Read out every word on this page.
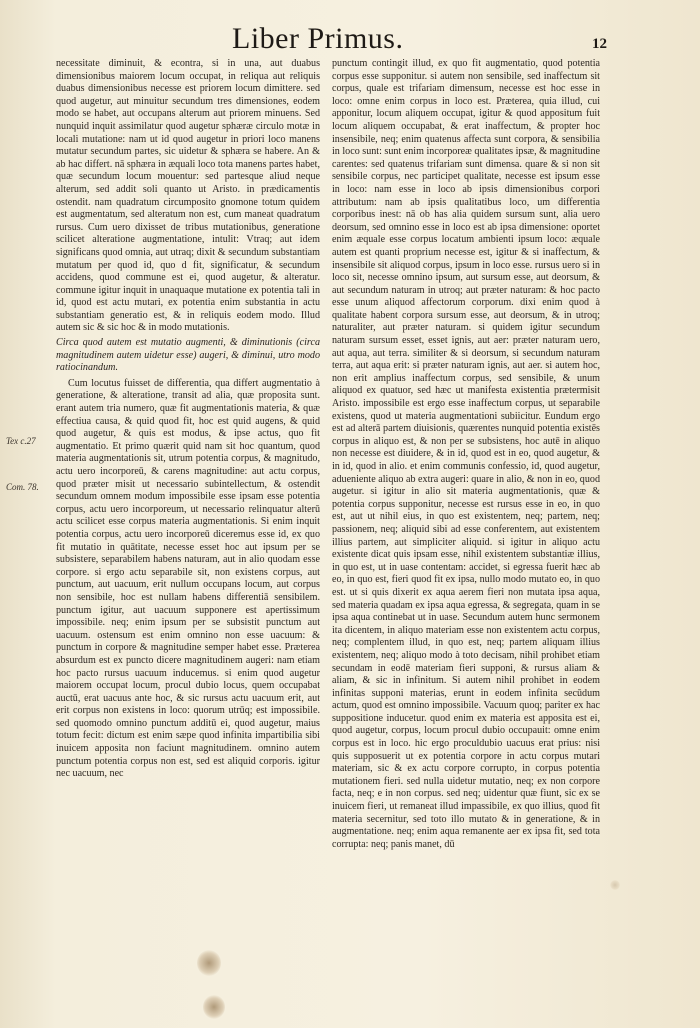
Liber Primus.	12

necessitate diminuit, & econtra, si in una, aut duabus dimensionibus maiorem locum occupat, in reliqua aut reliquis duabus dimensionibus necesse est priorem locum dimittere. sed quod augetur, aut minuitur secundum tres dimensiones, eodem modo se habet, aut occupans alterum aut priorem minuens. Sed nunquid inquit assimilatur quod augetur sphæræ circulo motæ in locali mutatione: nam ut id quod augetur in priori loco manens mutatur secundum partes, sic uidetur & sphæra se habere. An & ab hac differt. nā sphæra in æquali loco tota manens partes habet, quæ secundum locum mouentur: sed partesque aliud neque alterum, sed addit soli quanto ut Aristo. in prædicamentis ostendit. nam quadratum circumposito gnomone totum quidem est augmentatum, sed alteratum non est, cum maneat quadratum rursus. Cum uero dixisset de tribus mutationibus, generatione scilicet alteratione augmentatione, intulit: Vtraq; aut idem significans quod omnia, aut utraq; dixit & secundum substantiam mutatum per quod id, quo d fit, significatur, & secundum accidens, quod commune est ei, quod augetur, & alteratur. commune igitur inquit in unaquaque mutatione ex potentia tali in id, quod est actu mutari, ex potentia enim substantia in actu substantiam generatio est, & in reliquis eodem modo. Illud autem sic & sic hoc & in modo mutationis.

Circa quod autem est mutatio augmenti, & diminutionis (circa magnitudinem autem uidetur esse) augeri, & diminui, utro modo ratiocinandum.

Cum locutus fuisset de differentia, qua differt augmentatio à generatione, & alteratione, transit ad alia, quæ proposita sunt. erant autem tria numero, quæ fit augmentationis materia, & quæ effectiua causa, & quid quod fit, hoc est quid augens, & quid quod augetur, & quis est modus, & ipse actus, quo fit augmentatio. Et primo quærit quid nam sit hoc quantum, quod materia augmentationis sit, utrum potentia corpus, & magnitudo, actu uero incorporeū, & carens magnitudine: aut actu corpus, quod præter misit ut necessario subintellectum, & ostendit secundum omnem modum impossibile esse ipsam esse potentia corpus, actu uero incorporeum, ut necessario relinquatur alterū actu scilicet esse corpus materia augmentationis. Si enim inquit potentia corpus, actu uero incorporeū diceremus esse id, ex quo fit mutatio in quātitate, necesse esset hoc aut ipsum per se subsistere, separabilem habens naturam, aut in alio quodam esse corpore. si ergo actu separabile sit, non existens corpus, aut punctum, aut uacuum, erit nullum occupans locum, aut corpus non sensibile, hoc est nullam habens differentiā sensibilem. punctum igitur, aut uacuum supponere est apertissimum impossibile. neq; enim ipsum per se subsistit punctum aut uacuum. ostensum est enim omnino non esse uacuum: & punctum in corpore & magnitudine semper habet esse. Præterea absurdum est ex puncto dicere magnitudinem augeri: nam etiam hoc pacto rursus uacuum inducemus. si enim quod augetur maiorem occupat locum, procul dubio locus, quem occupabat auctū, erat uacuus ante hoc, & sic rursus actu uacuum erit, aut erit corpus non existens in loco: quorum utrūq; est impossibile. sed quomodo omnino punctum additū ei, quod augetur, maius totum fecit: dictum est enim sæpe quod infinita impartibilia sibi inuicem apposita non faciunt magnitudinem. omnino autem punctum potentia corpus non est, sed est aliquid corporis. igitur nec uacuum, nec

punctum contingit illud, ex quo fit augmentatio, quod potentia corpus esse supponitur. si autem non sensibile, sed inaffectum sit corpus, quale est trifariam dimensum, necesse est hoc esse in loco: omne enim corpus in loco est. Præterea, quia illud, cui apponitur, locum aliquem occupat, igitur & quod appositum fuit locum aliquem occupabat, & erat inaffectum, & propter hoc insensibile, neq; enim quatenus affecta sunt corpora, & sensibilia in loco sunt: sunt enim incorporeæ qualitates ipsæ, & magnitudine carentes: sed quatenus trifariam sunt dimensa. quare & si non sit sensibile corpus, nec participet qualitate, necesse est ipsum esse in loco: nam esse in loco ab ipsis dimensionibus corpori attributum: nam ab ipsis qualitatibus loco, um differentia corporibus inest: nā ob has alia quidem sursum sunt, alia uero deorsum, sed omnino esse in loco est ab ipsa dimensione: oportet enim æquale esse corpus locatum ambienti ipsum loco: æquale autem est quanti proprium necesse est, igitur & si inaffectum, & insensibile sit aliquod corpus, ipsum in loco esse. rursus uero si in loco sit, necesse omnino ipsum, aut sursum esse, aut deorsum, & aut secundum naturam in utroq; aut præter naturam: & hoc pacto esse unum aliquod affectorum corporum. dixi enim quod à qualitate habent corpora sursum esse, aut deorsum, & in utroq; naturaliter, aut præter naturam. si quidem igitur secundum naturam sursum esset, esset ignis, aut aer: præter naturam uero, aut aqua, aut terra. similiter & si deorsum, si secundum naturam terra, aut aqua erit: si præter naturam ignis, aut aer. si autem hoc, non erit amplius inaffectum corpus, sed sensibile, & unum aliquod ex quatuor, sed hæc ut manifesta existentia prætermisit Aristo. impossibile est ergo esse inaffectum corpus, ut separabile existens, quod ut materia augmentationi subiicitur. Eundum ergo est ad alterā partem diuisionis, quærentes nunquid potentia existēs corpus in aliquo est, & non per se subsistens, hoc autē in aliquo non necesse est diuidere, & in id, quod est in eo, quod augetur, & in id, quod in alio. et enim communis confessio, id, quod augetur, adueniente aliquo ab extra augeri: quare in alio, & non in eo, quod augetur. si igitur in alio sit materia augmentationis, quæ & potentia corpus supponitur, necesse est rursus esse in eo, in quo est, aut ut nihil eius, in quo est existentem, neq; partem, neq; passionem, neq; aliquid sibi ad esse conferentem, aut existentem illius partem, aut simpliciter aliquid. si igitur in aliquo actu existente dicat quis ipsam esse, nihil existentem substantiæ illius, in quo est, ut in uase contentam: accidet, si egressa fuerit hæc ab eo, in quo est, fieri quod fit ex ipsa, nullo modo mutato eo, in quo est. ut si quis dixerit ex aqua aerem fieri non mutata ipsa aqua, sed materia quadam ex ipsa aqua egressa, & segregata, quam in se ipsa aqua continebat ut in uase. Secundum autem hunc sermonem ita dicentem, in aliquo materiam esse non existentem actu corpus, neq; complentem illud, in quo est, neq; partem aliquam illius existentem, neq; aliquo modo à toto decisam, nihil prohibet etiam secundam in eodē materiam fieri supponi, & rursus aliam & aliam, & sic in infinitum. Si autem nihil prohibet in eodem infinitas supponi materias, erunt in eodem infinita secūdum actum, quod est omnino impossibile. Vacuum quoq; pariter ex hac suppositione inducetur. quod enim ex materia est apposita est ei, quod augetur, corpus, locum procul dubio occupauit: omne enim corpus est in loco. hic ergo proculdubio uacuus erat prius: nisi quis supposuerit ut ex potentia corpore in actu corpus mutari materiam, sic & ex actu corpore corrupto, in corpus potentia mutationem fieri. sed nulla uidetur mutatio, neq; ex non corpore facta, neq; e in non corpus. sed neq; uidentur quæ fiunt, sic ex se inuicem fieri, ut remaneat illud impassibile, ex quo illius, quod fit materia secernitur, sed toto illo mutato & in generatione, & in augmentatione. neq; enim aqua remanente aer ex ipsa fit, sed tota corrupta: neq; panis manet, dū

Tex c.27
Com. 78.
